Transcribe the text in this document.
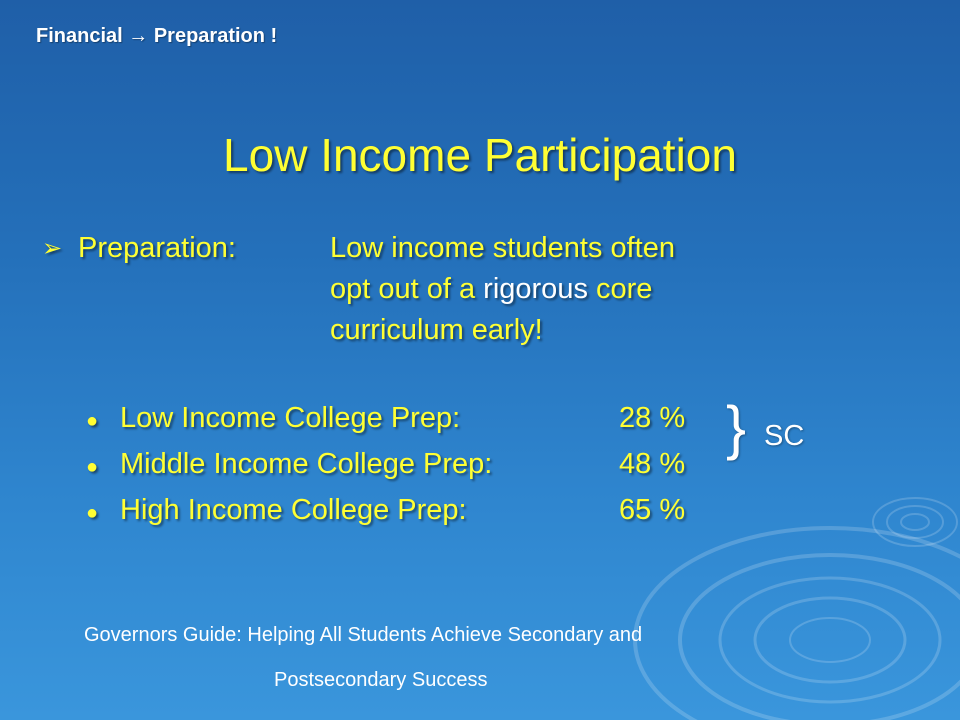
Financial → Preparation !
Low Income Participation
➢ Preparation:	Low income students often
opt out of a rigorous core
curriculum early!
● Low Income College Prep:	28 %
● Middle Income College Prep:	48 %
● High Income College Prep:	65 %
} SC
Governors Guide: Helping All Students Achieve Secondary and
Postsecondary Success
